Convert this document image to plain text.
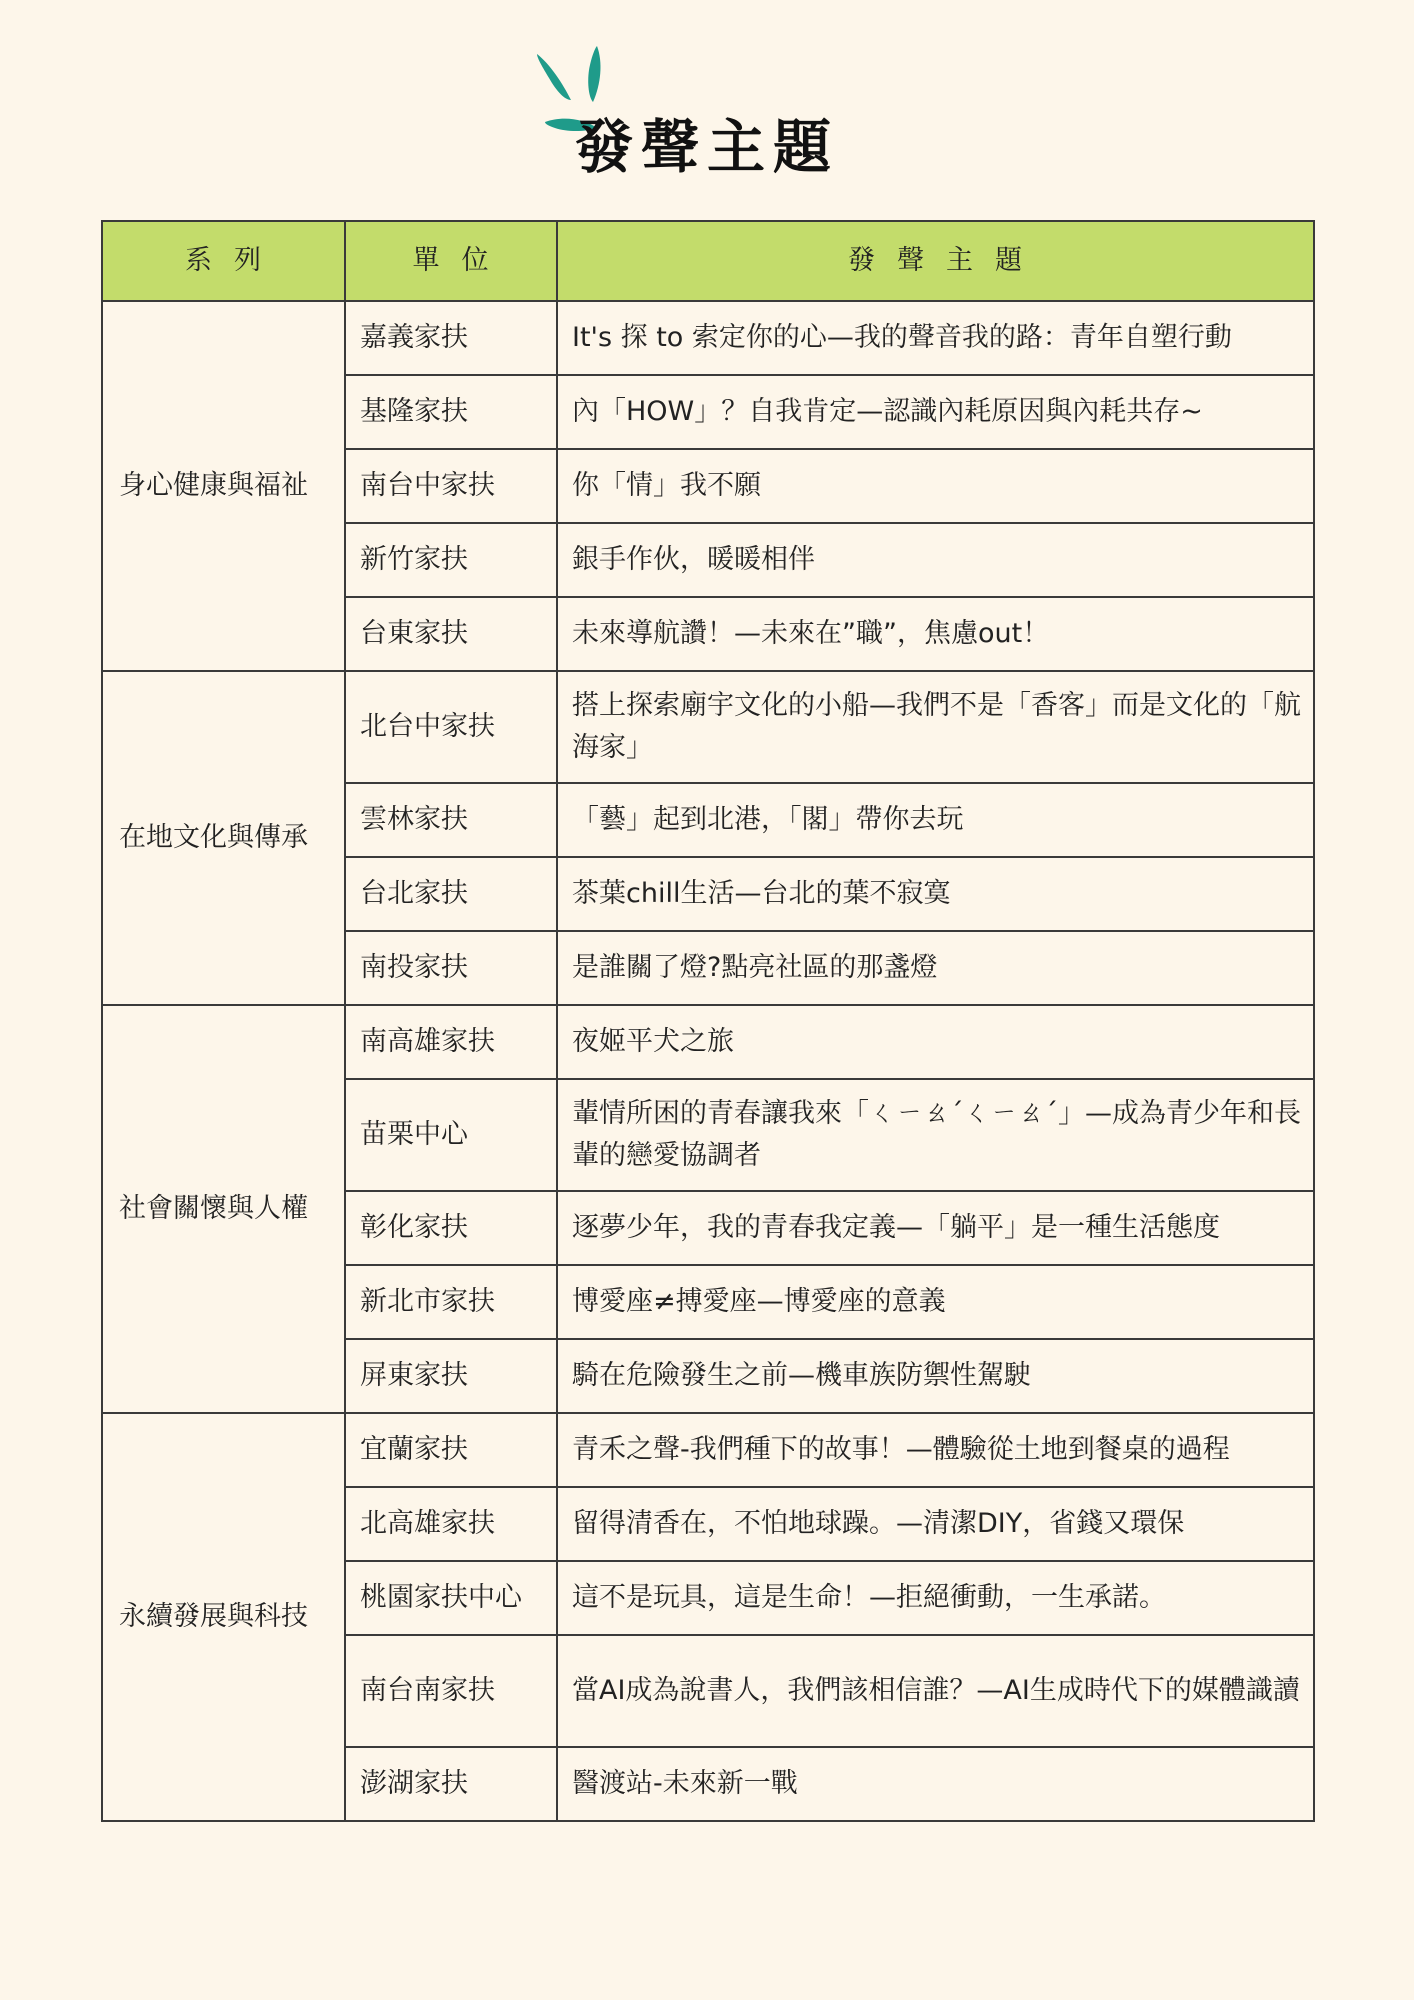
發聲主題
系列	單位	發聲主題
身心健康與福祉	嘉義家扶	It's 探 to 索定你的心—我的聲音我的路：青年自塑行動
	基隆家扶	內「HOW」？自我肯定—認識內耗原因與內耗共存~
	南台中家扶	你「情」我不願
	新竹家扶	銀手作伙，暖暖相伴
	台東家扶	未來導航讚！—未來在”職”，焦慮out！
在地文化與傳承	北台中家扶	搭上探索廟宇文化的小船—我們不是「香客」而是文化的「航海家」
	雲林家扶	「藝」起到北港，「閣」帶你去玩
	台北家扶	茶葉chill生活—台北的葉不寂寞
	南投家扶	是誰關了燈?點亮社區的那盞燈
社會關懷與人權	南高雄家扶	夜姬平犬之旅
	苗栗中心	輩情所困的青春讓我來「ㄑㄧㄠˊㄑㄧㄠˊ」—成為青少年和長輩的戀愛協調者
	彰化家扶	逐夢少年，我的青春我定義—「躺平」是一種生活態度
	新北市家扶	博愛座≠搏愛座—博愛座的意義
	屏東家扶	騎在危險發生之前—機車族防禦性駕駛
永續發展與科技	宜蘭家扶	青禾之聲-我們種下的故事！—體驗從土地到餐桌的過程
	北高雄家扶	留得清香在，不怕地球躁。—清潔DIY，省錢又環保
	桃園家扶中心	這不是玩具，這是生命！—拒絕衝動，一生承諾。
	南台南家扶	當AI成為說書人，我們該相信誰？—AI生成時代下的媒體識讀
	澎湖家扶	醫渡站-未來新一戰
